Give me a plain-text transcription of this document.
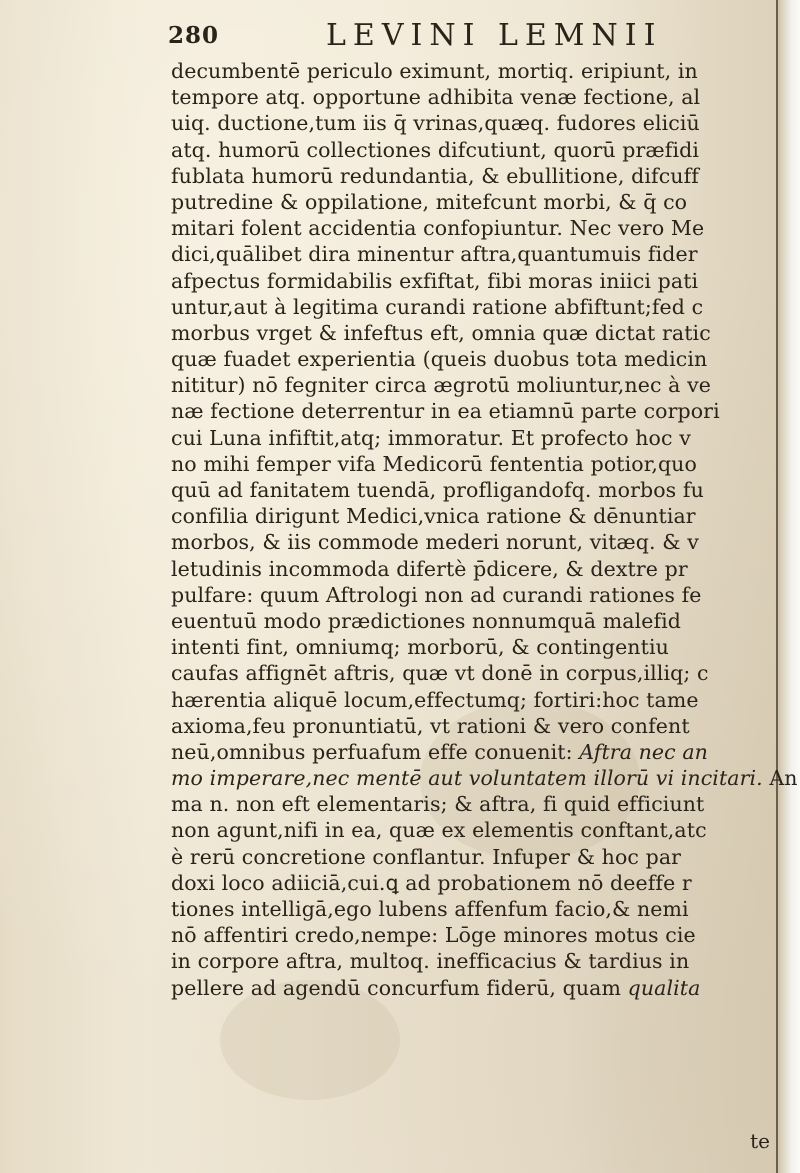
280	LEVINI LEMNII
decumbentē periculo eximunt, mortiq. eripiunt, in
tempore atq. opportune adhibita venæ fectione, al
uiq. ductione,tum iis q̄ vrinas,quæq. fudores eliciū
atq. humorū collectiones difcutiunt, quorū præfidi
fublata humorū redundantia, & ebullitione, difcuff
putredine & oppilatione, mitefcunt morbi, & q̄ co
mitari folent accidentia confopiuntur. Nec vero Me
dici,quālibet dira minentur aftra,quantumuis fider
afpectus formidabilis exfiftat, fibi moras iniici pati
untur,aut à legitima curandi ratione abfiftunt;fed c
morbus vrget & infeftus eft, omnia quæ dictat ratic
quæ fuadet experientia (queis duobus tota medicin
nititur) nō fegniter circa ægrotū moliuntur,nec à ve
næ fectione deterrentur in ea etiamnū parte corpori
cui Luna infiftit,atq; immoratur. Et profecto hoc v
no mihi femper vifa Medicorū fententia potior,quo
quū ad fanitatem tuendā, profligandofq. morbos fu
confilia dirigunt Medici,vnica ratione & dēnuntiar
morbos, & iis commode mederi norunt, vitæq. & v
letudinis incommoda difertè p̄dicere, & dextre pr
pulfare: quum Aftrologi non ad curandi rationes fe
euentuū modo prædictiones nonnumquā malefid
intenti fint, omniumq; morborū, & contingentiu
caufas affignēt aftris, quæ vt donē in corpus,illiq; c
hærentia aliquē locum,effectumq; fortiri:hoc tame
axioma,feu pronuntiatū, vt rationi & vero confent
neū,omnibus perfuafum effe conuenit: Aftra nec an
mo imperare,nec mentē aut voluntatem illorū vi incitari. An
ma n. non eft elementaris; & aftra, fi quid efficiunt
non agunt,nifi in ea, quæ ex elementis conftant,atc
è rerū concretione conflantur. Infuper & hoc par
doxi loco adiiciā,cui.ꝗ ad probationem nō deeffe r
tiones intelligā,ego lubens affenfum facio,& nemi
nō affentiri credo,nempe: Lōge minores motus cie
in corpore aftra, multoq. inefficacius & tardius in
pellere ad agendū concurfum fiderū, quam qualita
te
